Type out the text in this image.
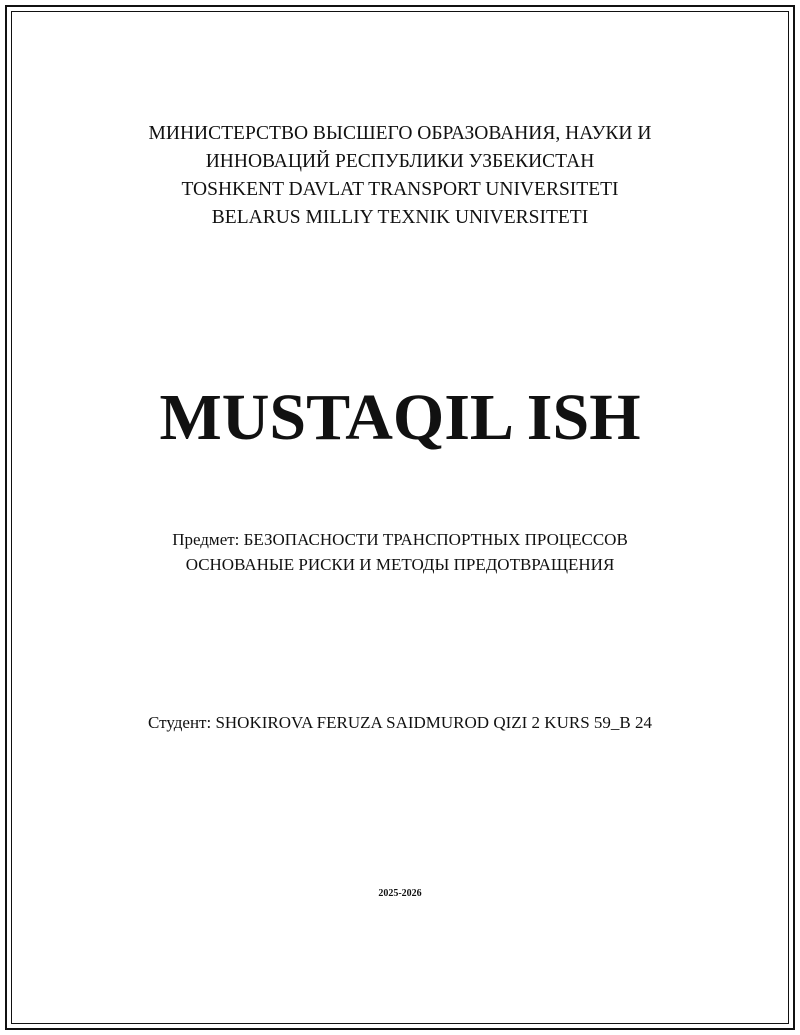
МИНИСТЕРСТВО ВЫСШЕГО ОБРАЗОВАНИЯ, НАУКИ И
ИННОВАЦИЙ РЕСПУБЛИКИ УЗБЕКИСТАН
TOSHKENT DAVLAT TRANSPORT UNIVERSITETI
BELARUS MILLIY TEXNIK UNIVERSITETI
MUSTAQIL ISH
Предмет: БЕЗОПАСНОСТИ ТРАНСПОРТНЫХ ПРОЦЕССОВ
ОСНОВАНЫЕ РИСКИ И МЕТОДЫ ПРЕДОТВРАЩЕНИЯ
Студент: SHOKIROVA FERUZA SAIDMUROD QIZI 2 KURS 59_B 24
2025-2026
